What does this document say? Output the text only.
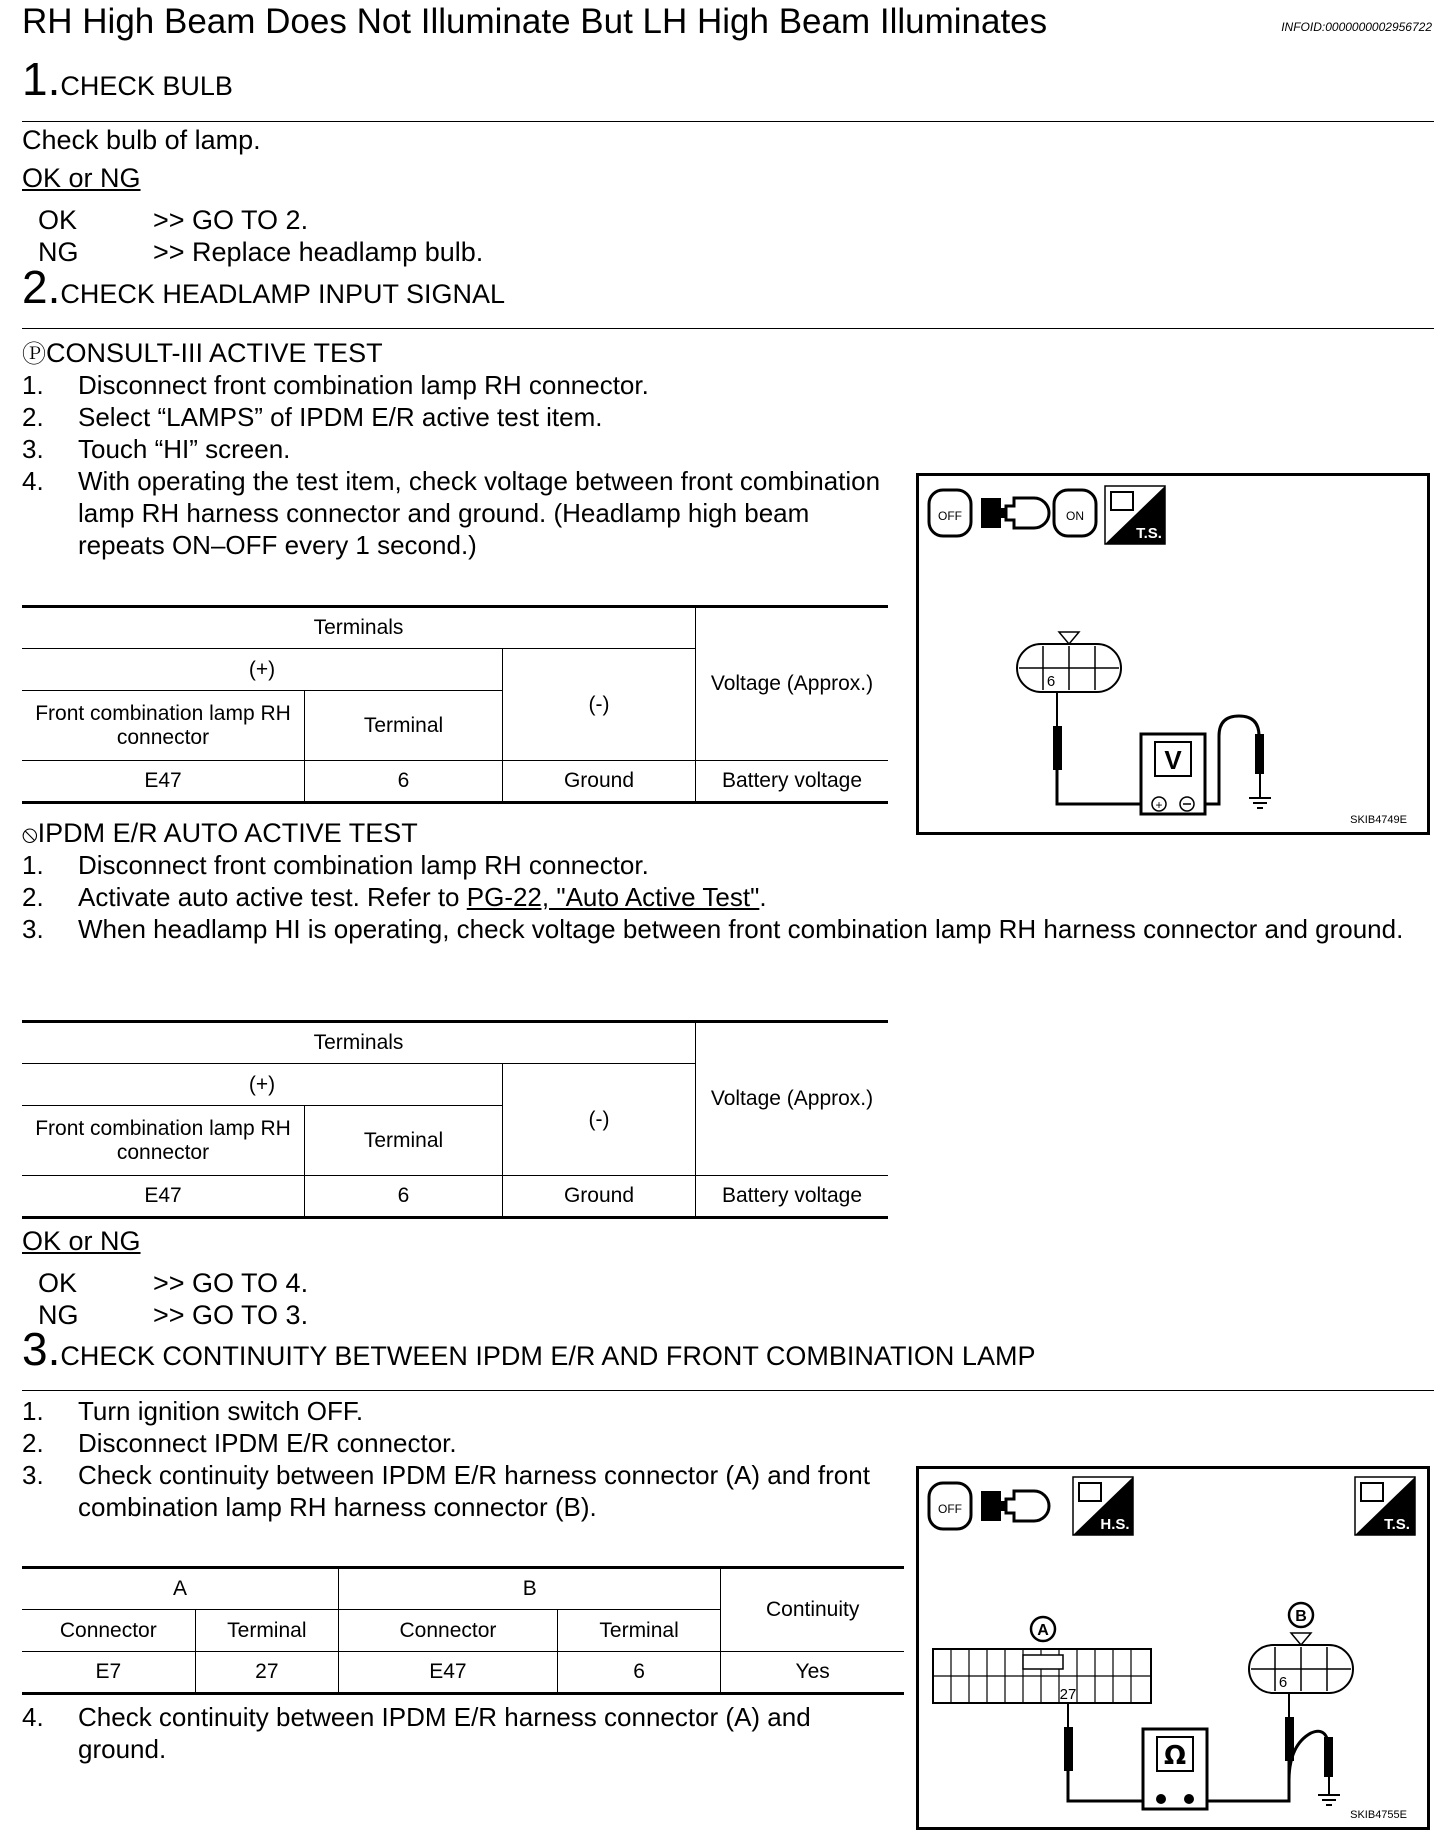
RH High Beam Does Not Illuminate But LH High Beam Illuminates	INFOID:0000000002956722
1.CHECK BULB
Check bulb of lamp.
OK or NG
OK	>> GO TO 2.
NG	>> Replace headlamp bulb.
2.CHECK HEADLAMP INPUT SIGNAL
ⓅCONSULT-III ACTIVE TEST
1. Disconnect front combination lamp RH connector.
2. Select “LAMPS” of IPDM E/R active test item.
3. Touch “HI” screen.
4. With operating the test item, check voltage between front combination lamp RH harness connector and ground. (Headlamp high beam repeats ON–OFF every 1 second.)
Terminals			Voltage (Approx.)
(+)		(-)	
Front combination lamp RH connector	Terminal		
E47	6	Ground	Battery voltage
OFF	ON
T.S.
6
V
+
SKIB4749E
⦸IPDM E/R AUTO ACTIVE TEST
1. Disconnect front combination lamp RH connector.
2. Activate auto active test. Refer to PG-22, "Auto Active Test".
3. When headlamp HI is operating, check voltage between front combination lamp RH harness connector and ground.
Terminals			Voltage (Approx.)
(+)		(-)	
Front combination lamp RH connector	Terminal		
E47	6	Ground	Battery voltage
OK or NG
OK	>> GO TO 4.
NG	>> GO TO 3.
3.CHECK CONTINUITY BETWEEN IPDM E/R AND FRONT COMBINATION LAMP
1. Turn ignition switch OFF.
2. Disconnect IPDM E/R connector.
3. Check continuity between IPDM E/R harness connector (A) and front combination lamp RH harness connector (B).
A		B		Continuity
Connector	Terminal	Connector	Terminal	
E7	27	E47	6	Yes
4. Check continuity between IPDM E/R harness connector (A) and ground.
OFF
H.S.	T.S.
A
27
B
6
Ω
SKIB4755E
